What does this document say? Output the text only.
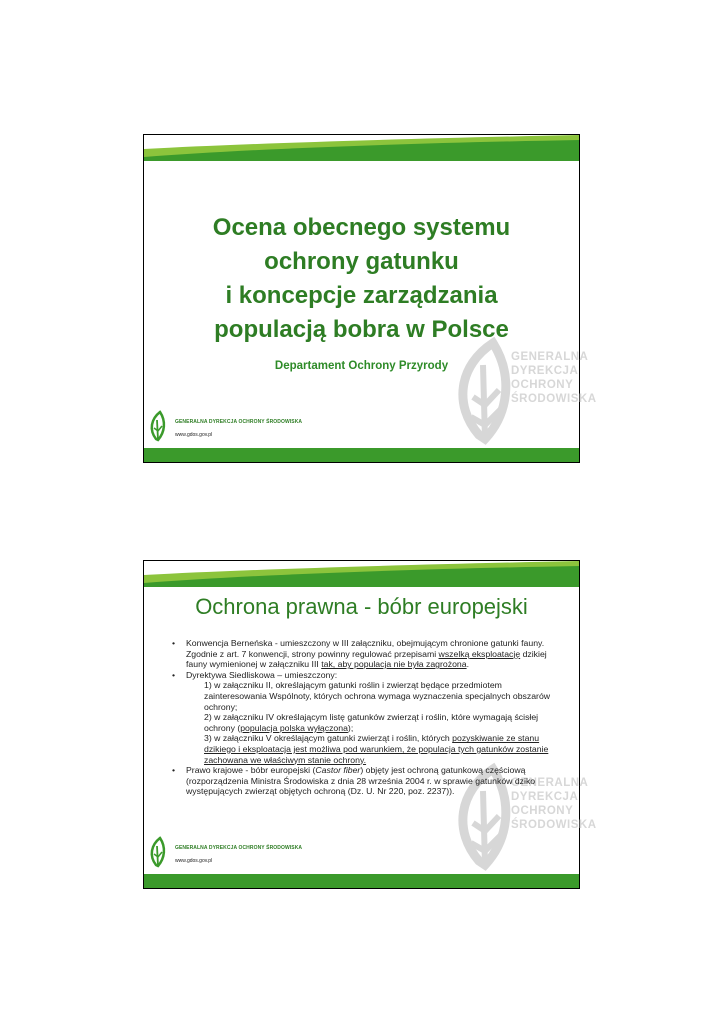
GENERALNA
DYREKCJA
OCHRONY
ŚRODOWISKA
Ocena obecnego systemu
ochrony gatunku
i koncepcje zarządzania
populacją bobra w Polsce
Departament Ochrony Przyrody
GENERALNA DYREKCJA OCHRONY ŚRODOWISKA
www.gdos.gov.pl
GENERALNA
DYREKCJA
OCHRONY
ŚRODOWISKA
Ochrona prawna - bóbr europejski
• Konwencja Berneńska - umieszczony w III załączniku, obejmującym chronione gatunki fauny. Zgodnie z art. 7 konwencji, strony powinny regulować przepisami wszelką eksploatację dzikiej fauny wymienionej w załączniku III tak, aby populacja nie była zagrożona.
• Dyrektywa Siedliskowa – umieszczony:
1) w załączniku II, określającym gatunki roślin i zwierząt będące przedmiotem zainteresowania Wspólnoty, których ochrona wymaga wyznaczenia specjalnych obszarów ochrony;
2) w załączniku IV określającym listę gatunków zwierząt i roślin, które wymagają ścisłej ochrony (populacja polska wyłączona);
3) w załączniku V określającym gatunki zwierząt i roślin, których pozyskiwanie ze stanu dzikiego i eksploatacja jest możliwa pod warunkiem, że populacja tych gatunków zostanie zachowana we właściwym stanie ochrony.
• Prawo krajowe - bóbr europejski (Castor fiber) objęty jest ochroną gatunkową częściową (rozporządzenia Ministra Środowiska z dnia 28 września 2004 r. w sprawie gatunków dziko występujących zwierząt objętych ochroną (Dz. U. Nr 220, poz. 2237)).
GENERALNA DYREKCJA OCHRONY ŚRODOWISKA
www.gdos.gov.pl
